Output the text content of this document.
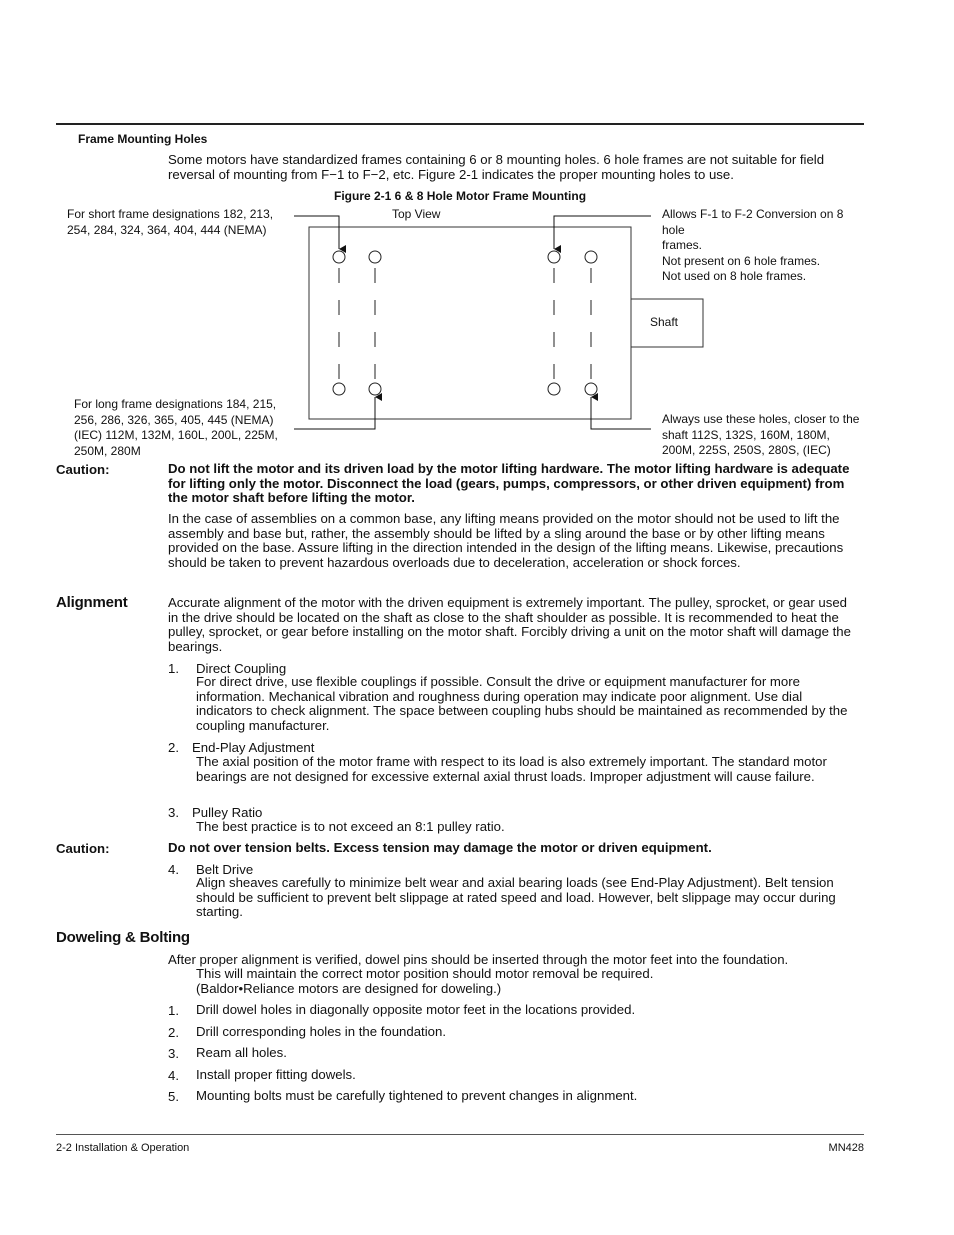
Frame Mounting Holes
Some motors have standardized frames containing 6 or 8 mounting holes. 6 hole frames are not suitable for field reversal of mounting from F−1 to F−2, etc. Figure 2-1 indicates the proper mounting holes to use.
Figure 2-1 6 & 8 Hole Motor Frame Mounting
For short frame designations 182, 213,
254, 284, 324, 364, 404, 444 (NEMA)
Top View	Allows F-1 to F-2 Conversion on 8 hole
frames.
Not present on 6 hole frames.
Not used on 8 hole frames.
For long frame designations 184, 215,
256, 286, 326, 365, 405, 445 (NEMA)
(IEC) 112M, 132M, 160L, 200L, 225M,
250M, 280M
Always use these holes, closer to the
shaft 112S, 132S, 160M, 180M,
200M, 225S, 250S, 280S, (IEC)
Shaft
Caution:	Do not lift the motor and its driven load by the motor lifting hardware. The motor lifting hardware is adequate for lifting only the motor. Disconnect the load (gears, pumps, compressors, or other driven equipment) from the motor shaft before lifting the motor.
In the case of assemblies on a common base, any lifting means provided on the motor should not be used to lift the assembly and base but, rather, the assembly should be lifted by a sling around the base or by other lifting means provided on the base. Assure lifting in the direction intended in the design of the lifting means. Likewise, precautions should be taken to prevent hazardous overloads due to deceleration, acceleration or shock forces.
Alignment	Accurate alignment of the motor with the driven equipment is extremely important. The pulley, sprocket, or gear used in the drive should be located on the shaft as close to the shaft shoulder as possible. It is recommended to heat the pulley, sprocket, or gear before installing on the motor shaft. Forcibly driving a unit on the motor shaft will damage the bearings.
1. Direct Coupling
For direct drive, use flexible couplings if possible. Consult the drive or equipment manufacturer for more information. Mechanical vibration and roughness during operation may indicate poor alignment. Use dial indicators to check alignment. The space between coupling hubs should be maintained as recommended by the coupling manufacturer.
2. End-Play Adjustment
The axial position of the motor frame with respect to its load is also extremely important. The standard motor bearings are not designed for excessive external axial thrust loads. Improper adjustment will cause failure.
3. Pulley Ratio
The best practice is to not exceed an 8:1 pulley ratio.
Caution:	Do not over tension belts. Excess tension may damage the motor or driven equipment.
4. Belt Drive
Align sheaves carefully to minimize belt wear and axial bearing loads (see End-Play Adjustment). Belt tension should be sufficient to prevent belt slippage at rated speed and load. However, belt slippage may occur during starting.
Doweling & Bolting
After proper alignment is verified, dowel pins should be inserted through the motor feet into the foundation.
This will maintain the correct motor position should motor removal be required.
(Baldor•Reliance motors are designed for doweling.)
1. Drill dowel holes in diagonally opposite motor feet in the locations provided.
2. Drill corresponding holes in the foundation.
3. Ream all holes.
4. Install proper fitting dowels.
5. Mounting bolts must be carefully tightened to prevent changes in alignment.
2-2 Installation & Operation	MN428
